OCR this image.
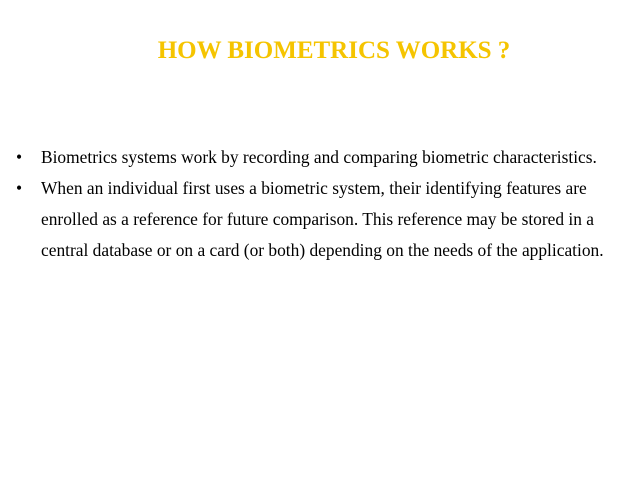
HOW BIOMETRICS WORKS ?
•	Biometrics systems work by recording and comparing biometric characteristics.
•	When an individual first uses a biometric system, their identifying features are enrolled as a reference for future comparison. This reference may be stored in a central database or on a card (or both) depending on the needs of the application.
